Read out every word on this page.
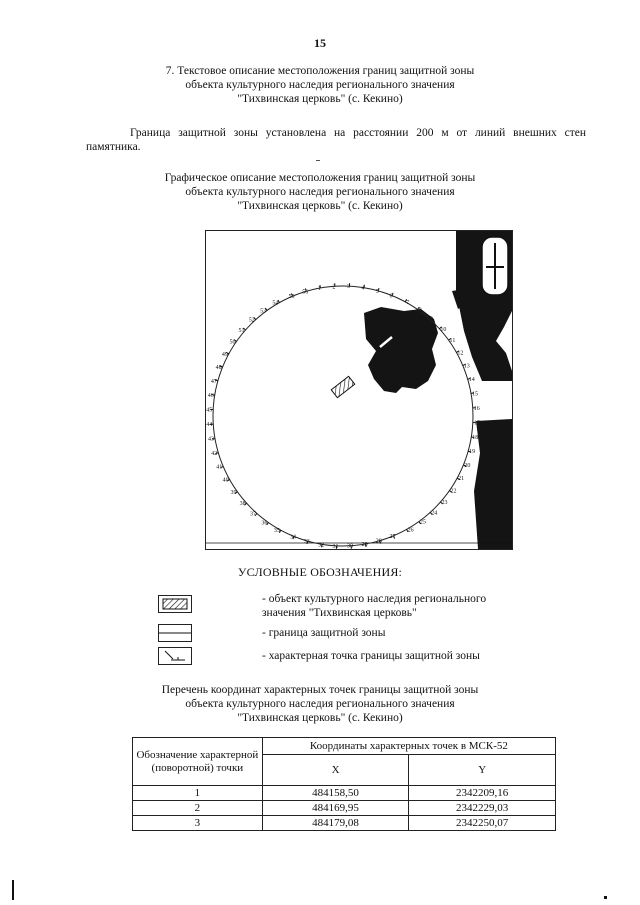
15
7. Текстовое описание местоположения границ защитной зоны
объекта культурного наследия регионального значения
"Тихвинская церковь" (с. Кекино)
Граница защитной зоны установлена на расстоянии 200 м от линий внешних стен памятника.
Графическое описание местоположения границ защитной зоны
объекта культурного наследия регионального значения
"Тихвинская церковь" (с. Кекино)
1 2 3 4
5
6
7
8
9
10
11
12
13
14
15
16
17
18
19
20
21
22
23
24
25
26
27
28
29
30
31
32
33
34
35
36
37
38
39
40
41
42
43
44
45
46
47
48
49
50
51
52
53
54
55
56
УСЛОВНЫЕ ОБОЗНАЧЕНИЯ:
- объект культурного наследия регионального
значения "Тихвинская церковь"
- граница защитной зоны
- характерная точка границы защитной зоны
Перечень координат характерных точек границы защитной зоны
объекта культурного наследия регионального значения
"Тихвинская церковь" (с. Кекино)
Обозначение характерной (поворотной) точки	Координаты характерных точек в МСК-52	
	X	Y
1	484158,50	2342209,16
2	484169,95	2342229,03
3	484179,08	2342250,07
